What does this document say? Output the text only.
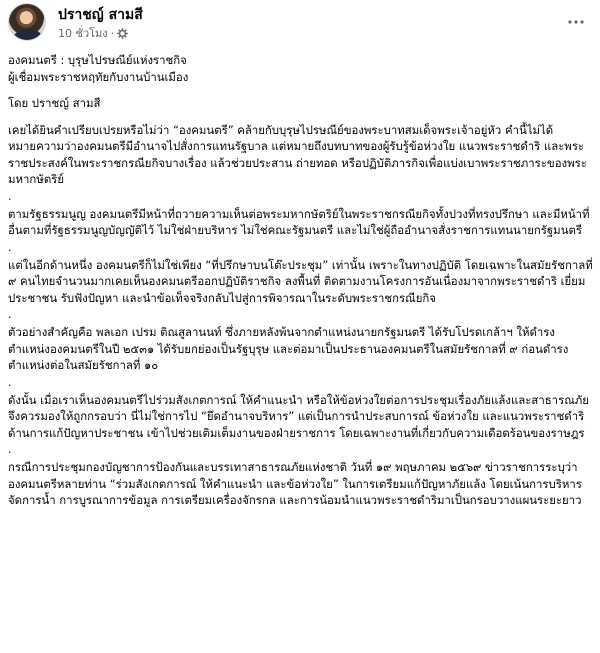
ปราชญ์ สามสี
10 ชั่วโมง ·

องคมนตรี : บุรุษไปรษณีย์แห่งราชกิจ

ผู้เชื่อมพระราชหฤทัยกับงานบ้านเมือง

โดย ปราชญ์ สามสี

เคยได้ยินคำเปรียบเปรยหรือไม่ว่า “องคมนตรี” คล้ายกับบุรุษไปรษณีย์ของพระบาทสมเด็จพระเจ้าอยู่หัว คำนี้ไม่ได้หมายความว่าองคมนตรีมีอำนาจไปสั่งการแทนรัฐบาล แต่หมายถึงบทบาทของผู้รับรู้ข้อห่วงใย แนวพระราชดำริ และพระราชประสงค์ในพระราชกรณียกิจบางเรื่อง แล้วช่วยประสาน ถ่ายทอด หรือปฏิบัติภารกิจเพื่อแบ่งเบาพระราชภาระของพระมหากษัตริย์

.

ตามรัฐธรรมนูญ องคมนตรีมีหน้าที่ถวายความเห็นต่อพระมหากษัตริย์ในพระราชกรณียกิจทั้งปวงที่ทรงปรึกษา และมีหน้าที่อื่นตามที่รัฐธรรมนูญบัญญัติไว้ ไม่ใช่ฝ่ายบริหาร ไม่ใช่คณะรัฐมนตรี และไม่ใช่ผู้ถืออำนาจสั่งราชการแทนนายกรัฐมนตรี

.

แต่ในอีกด้านหนึ่ง องคมนตรีก็ไม่ใช่เพียง “ที่ปรึกษาบนโต๊ะประชุม” เท่านั้น เพราะในทางปฏิบัติ โดยเฉพาะในสมัยรัชกาลที่ ๙ คนไทยจำนวนมากเคยเห็นองคมนตรีออกปฏิบัติราชกิจ ลงพื้นที่ ติดตามงานโครงการอันเนื่องมาจากพระราชดำริ เยี่ยมประชาชน รับฟังปัญหา และนำข้อเท็จจริงกลับไปสู่การพิจารณาในระดับพระราชกรณียกิจ

.

ตัวอย่างสำคัญคือ พลเอก เปรม ติณสูลานนท์ ซึ่งภายหลังพ้นจากตำแหน่งนายกรัฐมนตรี ได้รับโปรดเกล้าฯ ให้ดำรงตำแหน่งองคมนตรีในปี ๒๕๓๑ ได้รับยกย่องเป็นรัฐบุรุษ และต่อมาเป็นประธานองคมนตรีในสมัยรัชกาลที่ ๙ ก่อนดำรงตำแหน่งต่อในสมัยรัชกาลที่ ๑๐

.

ดังนั้น เมื่อเราเห็นองคมนตรีไปร่วมสังเกตการณ์ ให้คำแนะนำ หรือให้ข้อห่วงใยต่อการประชุมเรื่องภัยแล้งและสาธารณภัย จึงควรมองให้ถูกกรอบว่า นี่ไม่ใช่การไป “ยึดอำนาจบริหาร” แต่เป็นการนำประสบการณ์ ข้อห่วงใย และแนวพระราชดำริด้านการแก้ปัญหาประชาชน เข้าไปช่วยเติมเต็มงานของฝ่ายราชการ โดยเฉพาะงานที่เกี่ยวกับความเดือดร้อนของราษฎร

.

กรณีการประชุมกองบัญชาการป้องกันและบรรเทาสาธารณภัยแห่งชาติ วันที่ ๑๙ พฤษภาคม ๒๕๖๙ ข่าวราชการระบุว่าองคมนตรีหลายท่าน “ร่วมสังเกตการณ์ ให้คำแนะนำ และข้อห่วงใย” ในการเตรียมแก้ปัญหาภัยแล้ง โดยเน้นการบริหารจัดการน้ำ การบูรณาการข้อมูล การเตรียมเครื่องจักรกล และการน้อมนำแนวพระราชดำริมาเป็นกรอบวางแผนระยะยาว
